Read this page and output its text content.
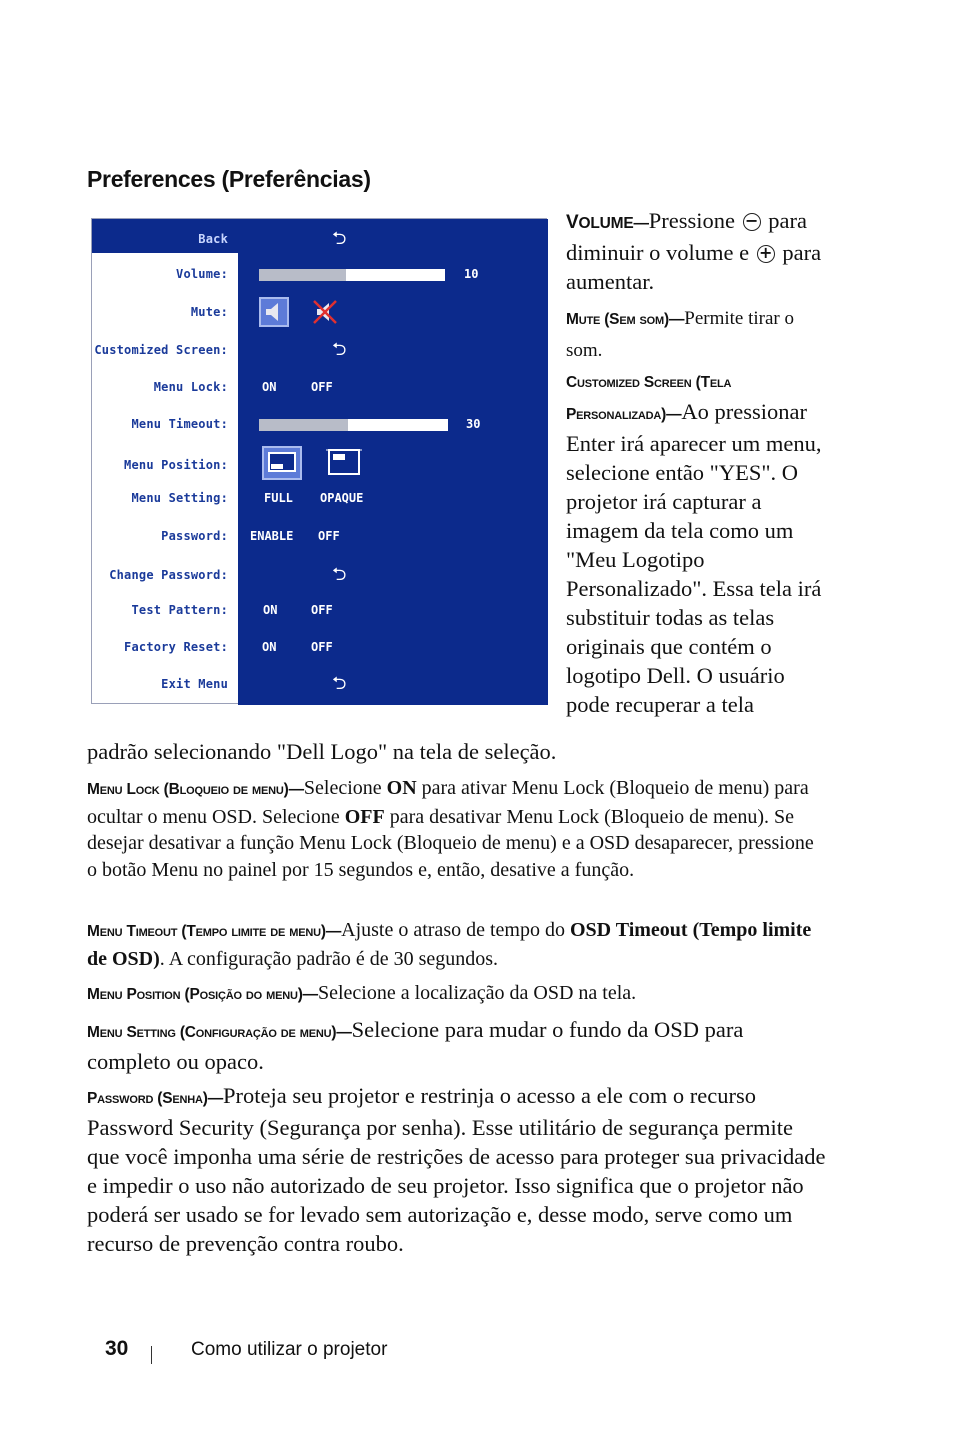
Preferences (Preferências)
Back	⮌
Volume:	10
Mute:
Customized Screen:	⮌
Menu Lock:	ON	OFF
Menu Timeout:	30
Menu Position:
Menu Setting:	FULL OPAQUE
Password: ENABLE OFF
Change Password:	⮌
Test Pattern:	ON	OFF
Factory Reset:	ON	OFF
Exit Menu	⮌
VOLUME—Pressione − para diminuir o volume e + para aumentar.
Mute (Sem som)—Permite tirar o som.
Customized Screen (Tela
Personalizada)—Ao pressionar Enter irá aparecer um menu, selecione então "YES". O projetor irá capturar a imagem da tela como um "Meu Logotipo Personalizado". Essa tela irá substituir todas as telas originais que contém o logotipo Dell. O usuário pode recuperar a tela
padrão selecionando "Dell Logo" na tela de seleção.
Menu Lock (Bloqueio de menu)—Selecione ON para ativar Menu Lock (Bloqueio de menu) para ocultar o menu OSD. Selecione OFF para desativar Menu Lock (Bloqueio de menu). Se desejar desativar a função Menu Lock (Bloqueio de menu) e a OSD desaparecer, pressione o botão Menu no painel por 15 segundos e, então, desative a função.
Menu Timeout (Tempo limite de menu)—Ajuste o atraso de tempo do OSD Timeout (Tempo limite de OSD). A configuração padrão é de 30 segundos.
Menu Position (Posição do menu)—Selecione a localização da OSD na tela.
Menu Setting (Configuração de menu)—Selecione para mudar o fundo da OSD para completo ou opaco.
Password (Senha)—Proteja seu projetor e restrinja o acesso a ele com o recurso Password Security (Segurança por senha). Esse utilitário de segurança permite que você imponha uma série de restrições de acesso para proteger sua privacidade e impedir o uso não autorizado de seu projetor. Isso significa que o projetor não poderá ser usado se for levado sem autorização e, desse modo, serve como um recurso de prevenção contra roubo.
30	Como utilizar o projetor
